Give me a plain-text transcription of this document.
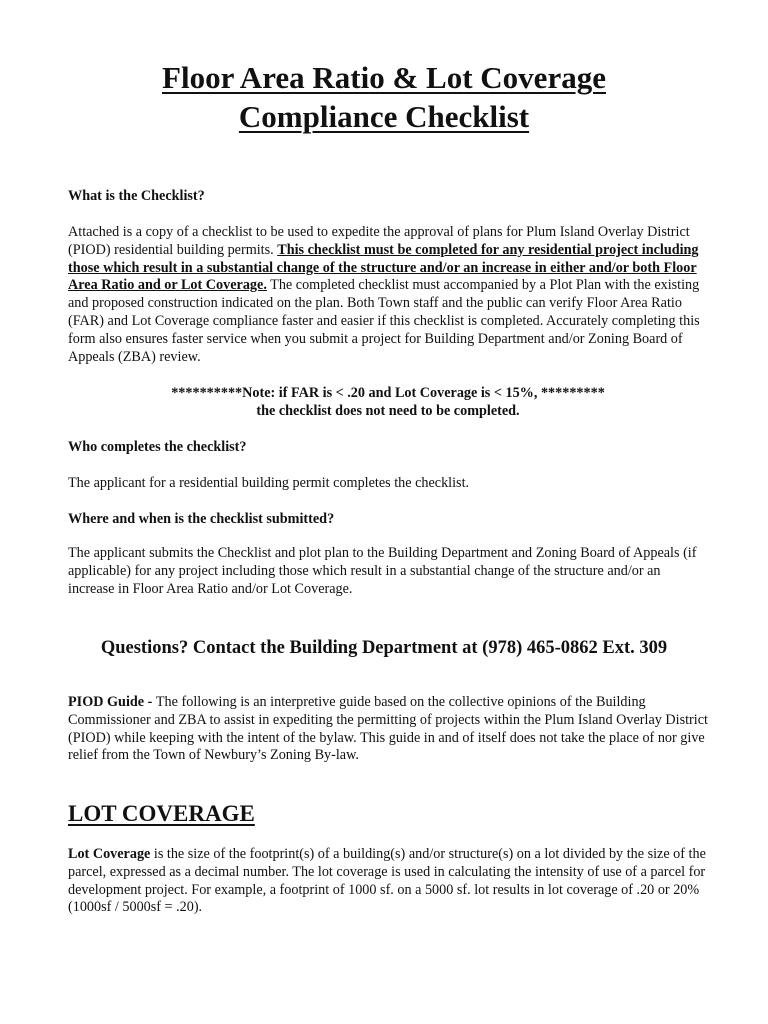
Floor Area Ratio & Lot Coverage
Compliance Checklist
What is the Checklist?
Attached is a copy of a checklist to be used to expedite the approval of plans for Plum Island Overlay District (PIOD) residential building permits. This checklist must be completed for any residential project including those which result in a substantial change of the structure and/or an increase in either and/or both Floor Area Ratio and or Lot Coverage. The completed checklist must accompanied by a Plot Plan with the existing and proposed construction indicated on the plan. Both Town staff and the public can verify Floor Area Ratio (FAR) and Lot Coverage compliance faster and easier if this checklist is completed. Accurately completing this form also ensures faster service when you submit a project for Building Department and/or Zoning Board of Appeals (ZBA) review.
**********Note: if FAR is < .20 and Lot Coverage is < 15%, *********
the checklist does not need to be completed.
Who completes the checklist?
The applicant for a residential building permit completes the checklist.
Where and when is the checklist submitted?
The applicant submits the Checklist and plot plan to the Building Department and Zoning Board of Appeals (if applicable) for any project including those which result in a substantial change of the structure and/or an increase in Floor Area Ratio and/or Lot Coverage.
Questions? Contact the Building Department at (978) 465-0862 Ext. 309
PIOD Guide - The following is an interpretive guide based on the collective opinions of the Building Commissioner and ZBA to assist in expediting the permitting of projects within the Plum Island Overlay District (PIOD) while keeping with the intent of the bylaw. This guide in and of itself does not take the place of nor give relief from the Town of Newbury’s Zoning By-law.
LOT COVERAGE
Lot Coverage is the size of the footprint(s) of a building(s) and/or structure(s) on a lot divided by the size of the parcel, expressed as a decimal number. The lot coverage is used in calculating the intensity of use of a parcel for development project. For example, a footprint of 1000 sf. on a 5000 sf. lot results in lot coverage of .20 or 20% (1000sf / 5000sf = .20).
